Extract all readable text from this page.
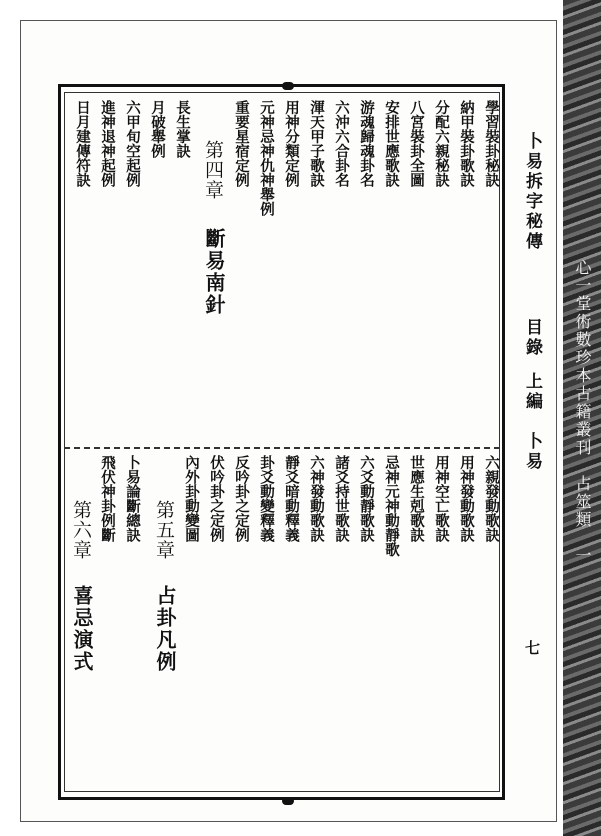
心一堂術數珍本古籍叢刊　占筮類　一
卜易拆字秘傳
目錄
上編
卜易
七
學習裝卦秘訣
納甲裝卦歌訣
分配六親秘訣
八宮裝卦全圖
安排世應歌訣
游魂歸魂卦名
六沖六合卦名
渾天甲子歌訣
用神分類定例
元神忌神仇神舉例
重要星宿定例
第四章
斷易南針
長生掌訣
月破舉例
六甲旬空起例
進神退神起例
日月建傳符訣
六親發動歌訣
用神發動歌訣
用神空亡歌訣
世應生剋歌訣
忌神元神動靜歌
六爻動靜歌訣
諸爻持世歌訣
六神發動歌訣
靜爻暗動釋義
卦爻動變釋義
反吟卦之定例
伏吟卦之定例
內外卦動變圖
第五章
占卦凡例
卜易論斷總訣
飛伏神卦例斷
第六章
喜忌演式
